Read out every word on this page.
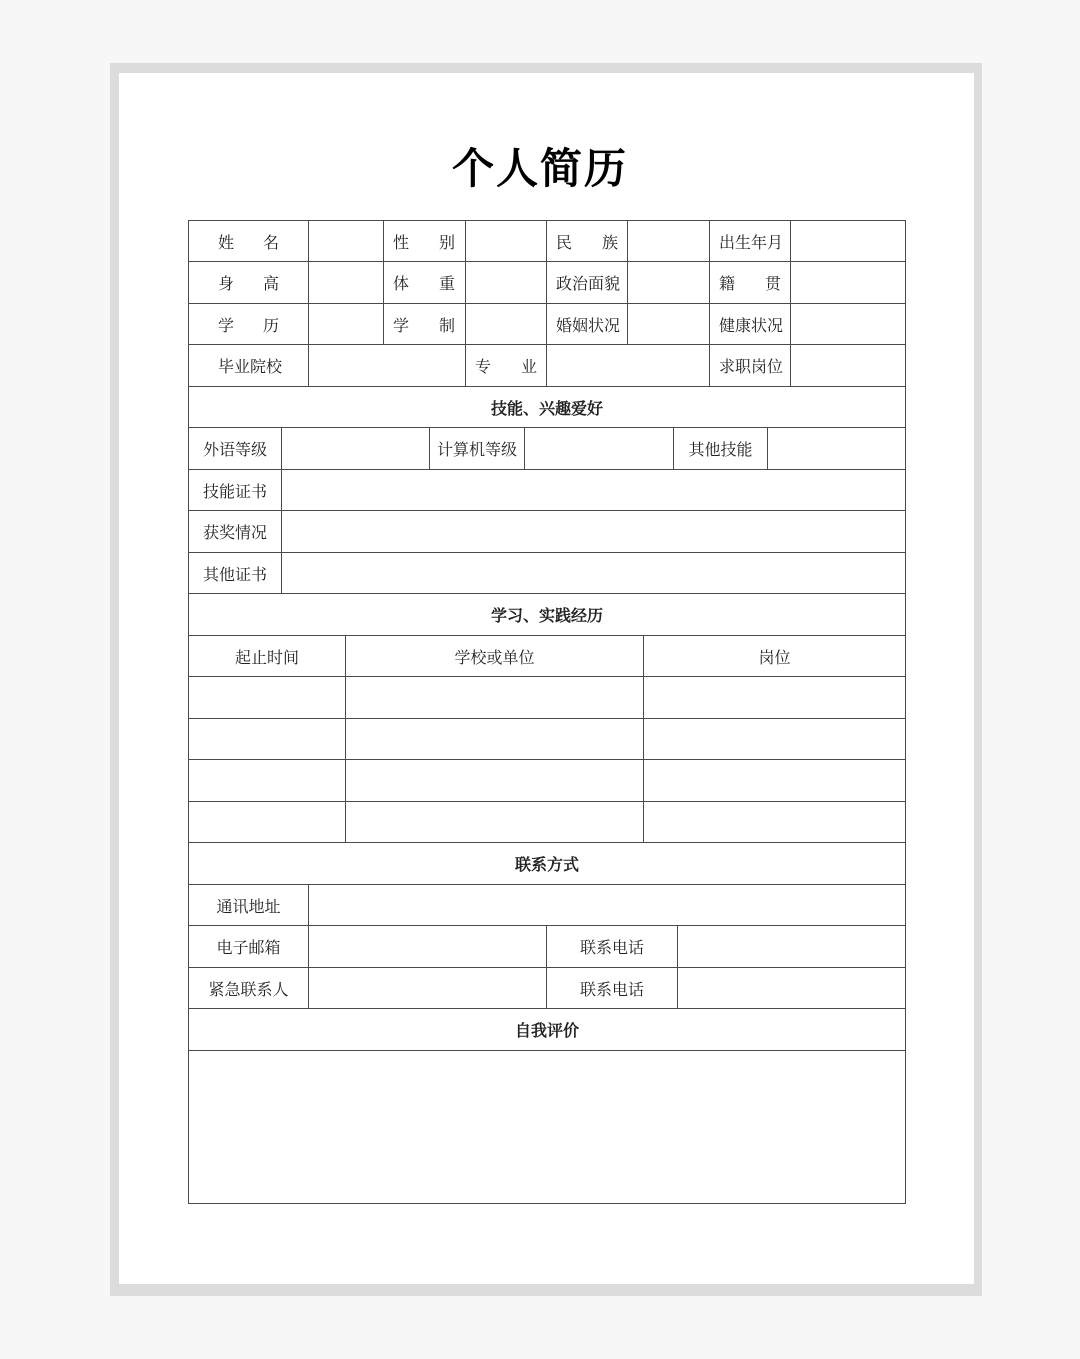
个人简历
姓 名	性 别	民 族	出生年月
身 高	体 重	政治面貌	籍 贯
学 历	学 制	婚姻状况	健康状况
毕业院校	专 业	求职岗位
技能、兴趣爱好
外语等级	计算机等级	其他技能
技能证书
获奖情况
其他证书
学习、实践经历
起止时间	学校或单位	岗位
联系方式
通讯地址
电子邮箱	联系电话
紧急联系人	联系电话
自我评价
